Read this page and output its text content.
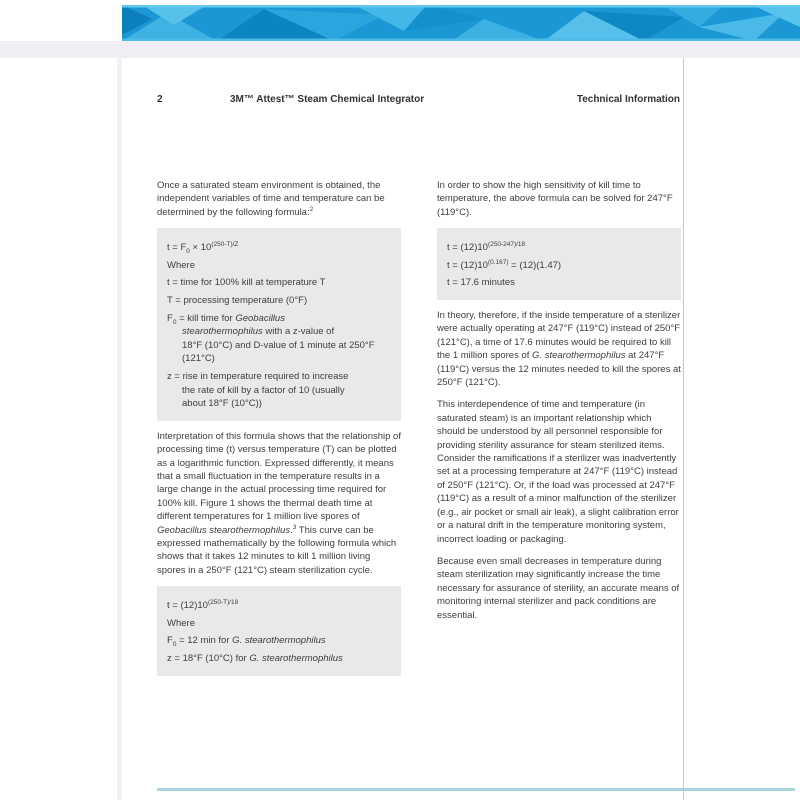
2	3M™ Attest™ Steam Chemical Integrator	Technical Information

Once a saturated steam environment is obtained, the independent variables of time and temperature can be determined by the following formula:$^2$

$t = F_0 \times 10^{(250-T)/Z}$
Where
t = time for 100% kill at temperature T
T = processing temperature (0°F)
$F_0$ = kill time for Geobacillus
stearothermophilus with a z-value of
18°F (10°C) and D-value of 1 minute at 250°F
(121°C)
z = rise in temperature required to increase
the rate of kill by a factor of 10 (usually
about 18°F (10°C))

Interpretation of this formula shows that the relationship of processing time (t) versus temperature (T) can be plotted as a logarithmic function. Expressed differently, it means that a small fluctuation in the temperature results in a large change in the actual processing time required for 100% kill. Figure 1 shows the thermal death time at different temperatures for 1 million live spores of Geobacillus stearothermophilus.$^3$ This curve can be expressed mathematically by the following formula which shows that it takes 12 minutes to kill 1 million living spores in a 250°F (121°C) steam sterilization cycle.

$t = (12)10^{(250-T)/18}$
Where
$F_0 = 12$ min for G. stearothermophilus
z = 18°F (10°C) for G. stearothermophilus

In order to show the high sensitivity of kill time to temperature, the above formula can be solved for 247°F (119°C).

$t = (12)10^{(250-247)/18}$
$t = (12)10^{(0.167)} = (12)(1.47)$
t = 17.6 minutes

In theory, therefore, if the inside temperature of a sterilizer were actually operating at 247°F (119°C) instead of 250°F (121°C), a time of 17.6 minutes would be required to kill the 1 million spores of G. stearothermophilus at 247°F (119°C) versus the 12 minutes needed to kill the spores at 250°F (121°C).

This interdependence of time and temperature (in saturated steam) is an important relationship which should be understood by all personnel responsible for providing sterility assurance for steam sterilized items. Consider the ramifications if a sterilizer was inadvertently set at a processing temperature at 247°F (119°C) instead of 250°F (121°C). Or, if the load was processed at 247°F (119°C) as a result of a minor malfunction of the sterilizer (e.g., air pocket or small air leak), a slight calibration error or a natural drift in the temperature monitoring system, incorrect loading or packaging.

Because even small decreases in temperature during steam sterilization may significantly increase the time necessary for assurance of sterility, an accurate means of monitoring internal sterilizer and pack conditions are essential.
